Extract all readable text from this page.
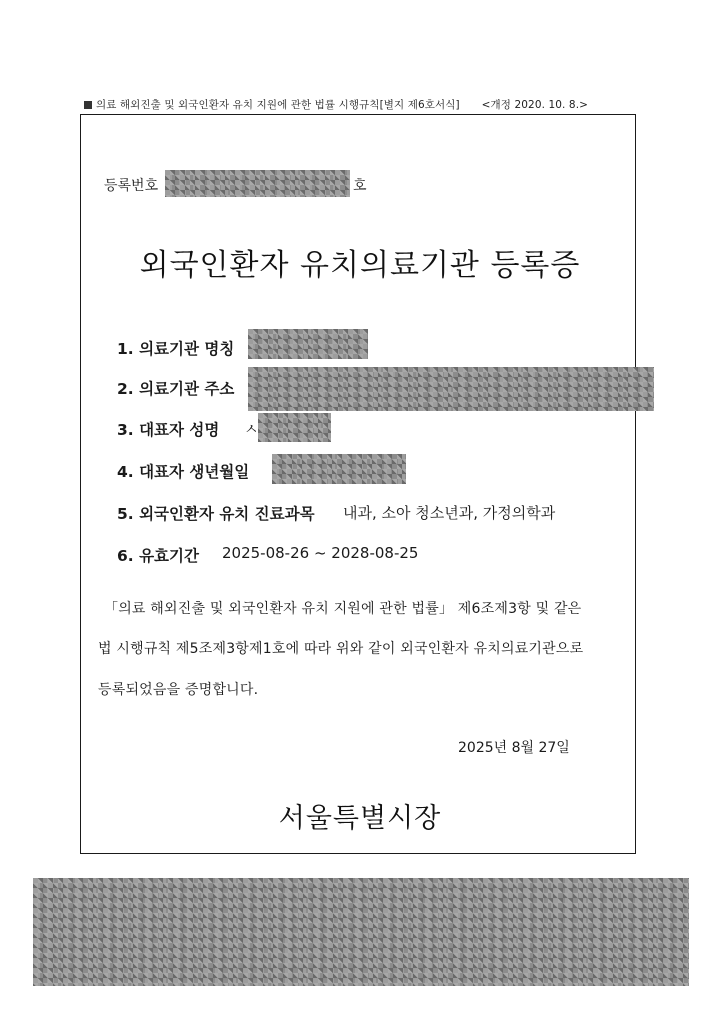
의료 해외진출 및 외국인환자 유치 지원에 관한 법률 시행규칙[별지 제6호서식] <개정 2020. 10. 8.>
등록번호	호
외국인환자 유치의료기관 등록증
1. 의료기관 명칭
2. 의료기관 주소
3. 대표자 성명 ㅅ
4. 대표자 생년월일
5. 외국인환자 유치 진료과목 내과, 소아 청소년과, 가정의학과
6. 유효기간 2025-08-26 ~ 2028-08-25
「의료 해외진출 및 외국인환자 유치 지원에 관한 법률」 제6조제3항 및 같은
법 시행규칙 제5조제3항제1호에 따라 위와 같이 외국인환자 유치의료기관으로
등록되었음을 증명합니다.
2025년 8월 27일
서울특별시장
